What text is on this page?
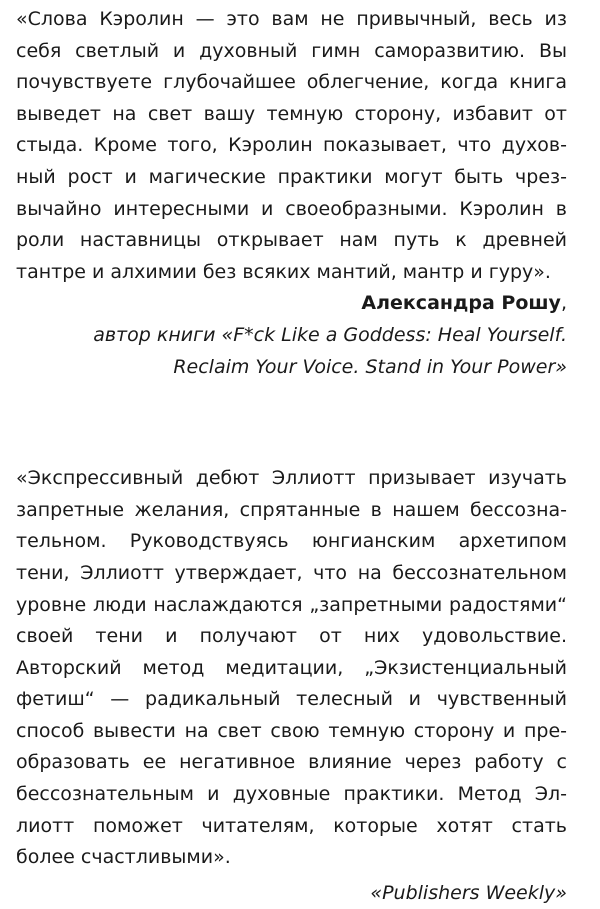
«Слова Кэролин — это вам не привычный, весь из себя светлый и духовный гимн саморазвитию. Вы почувствуете глубочайшее облегчение, когда книга выведет на свет вашу темную сторону, избавит от стыда. Кроме того, Кэролин показывает, что духовный рост и магические практики могут быть чрезвычайно интересными и своеобразными. Кэролин в роли наставницы открывает нам путь к древней тантре и алхимии без всяких мантий, мантр и гуру».

Александра Рошу,

автор книги «F*ck Like a Goddess: Heal Yourself.

Reclaim Your Voice. Stand in Your Power»

«Экспрессивный дебют Эллиотт призывает изучать запретные желания, спрятанные в нашем бессознательном. Руководствуясь юнгианским архетипом тени, Эллиотт утверждает, что на бессознательном уровне люди наслаждаются „запретными радостями“ своей тени и получают от них удовольствие. Авторский метод медитации, „Экзистенциальный фетиш“ — радикальный телесный и чувственный способ вывести на свет свою темную сторону и преобразовать ее негативное влияние через работу с бессознательным и духовные практики. Метод Эллиотт поможет читателям, которые хотят стать более счастливыми».

«Publishers Weekly»
